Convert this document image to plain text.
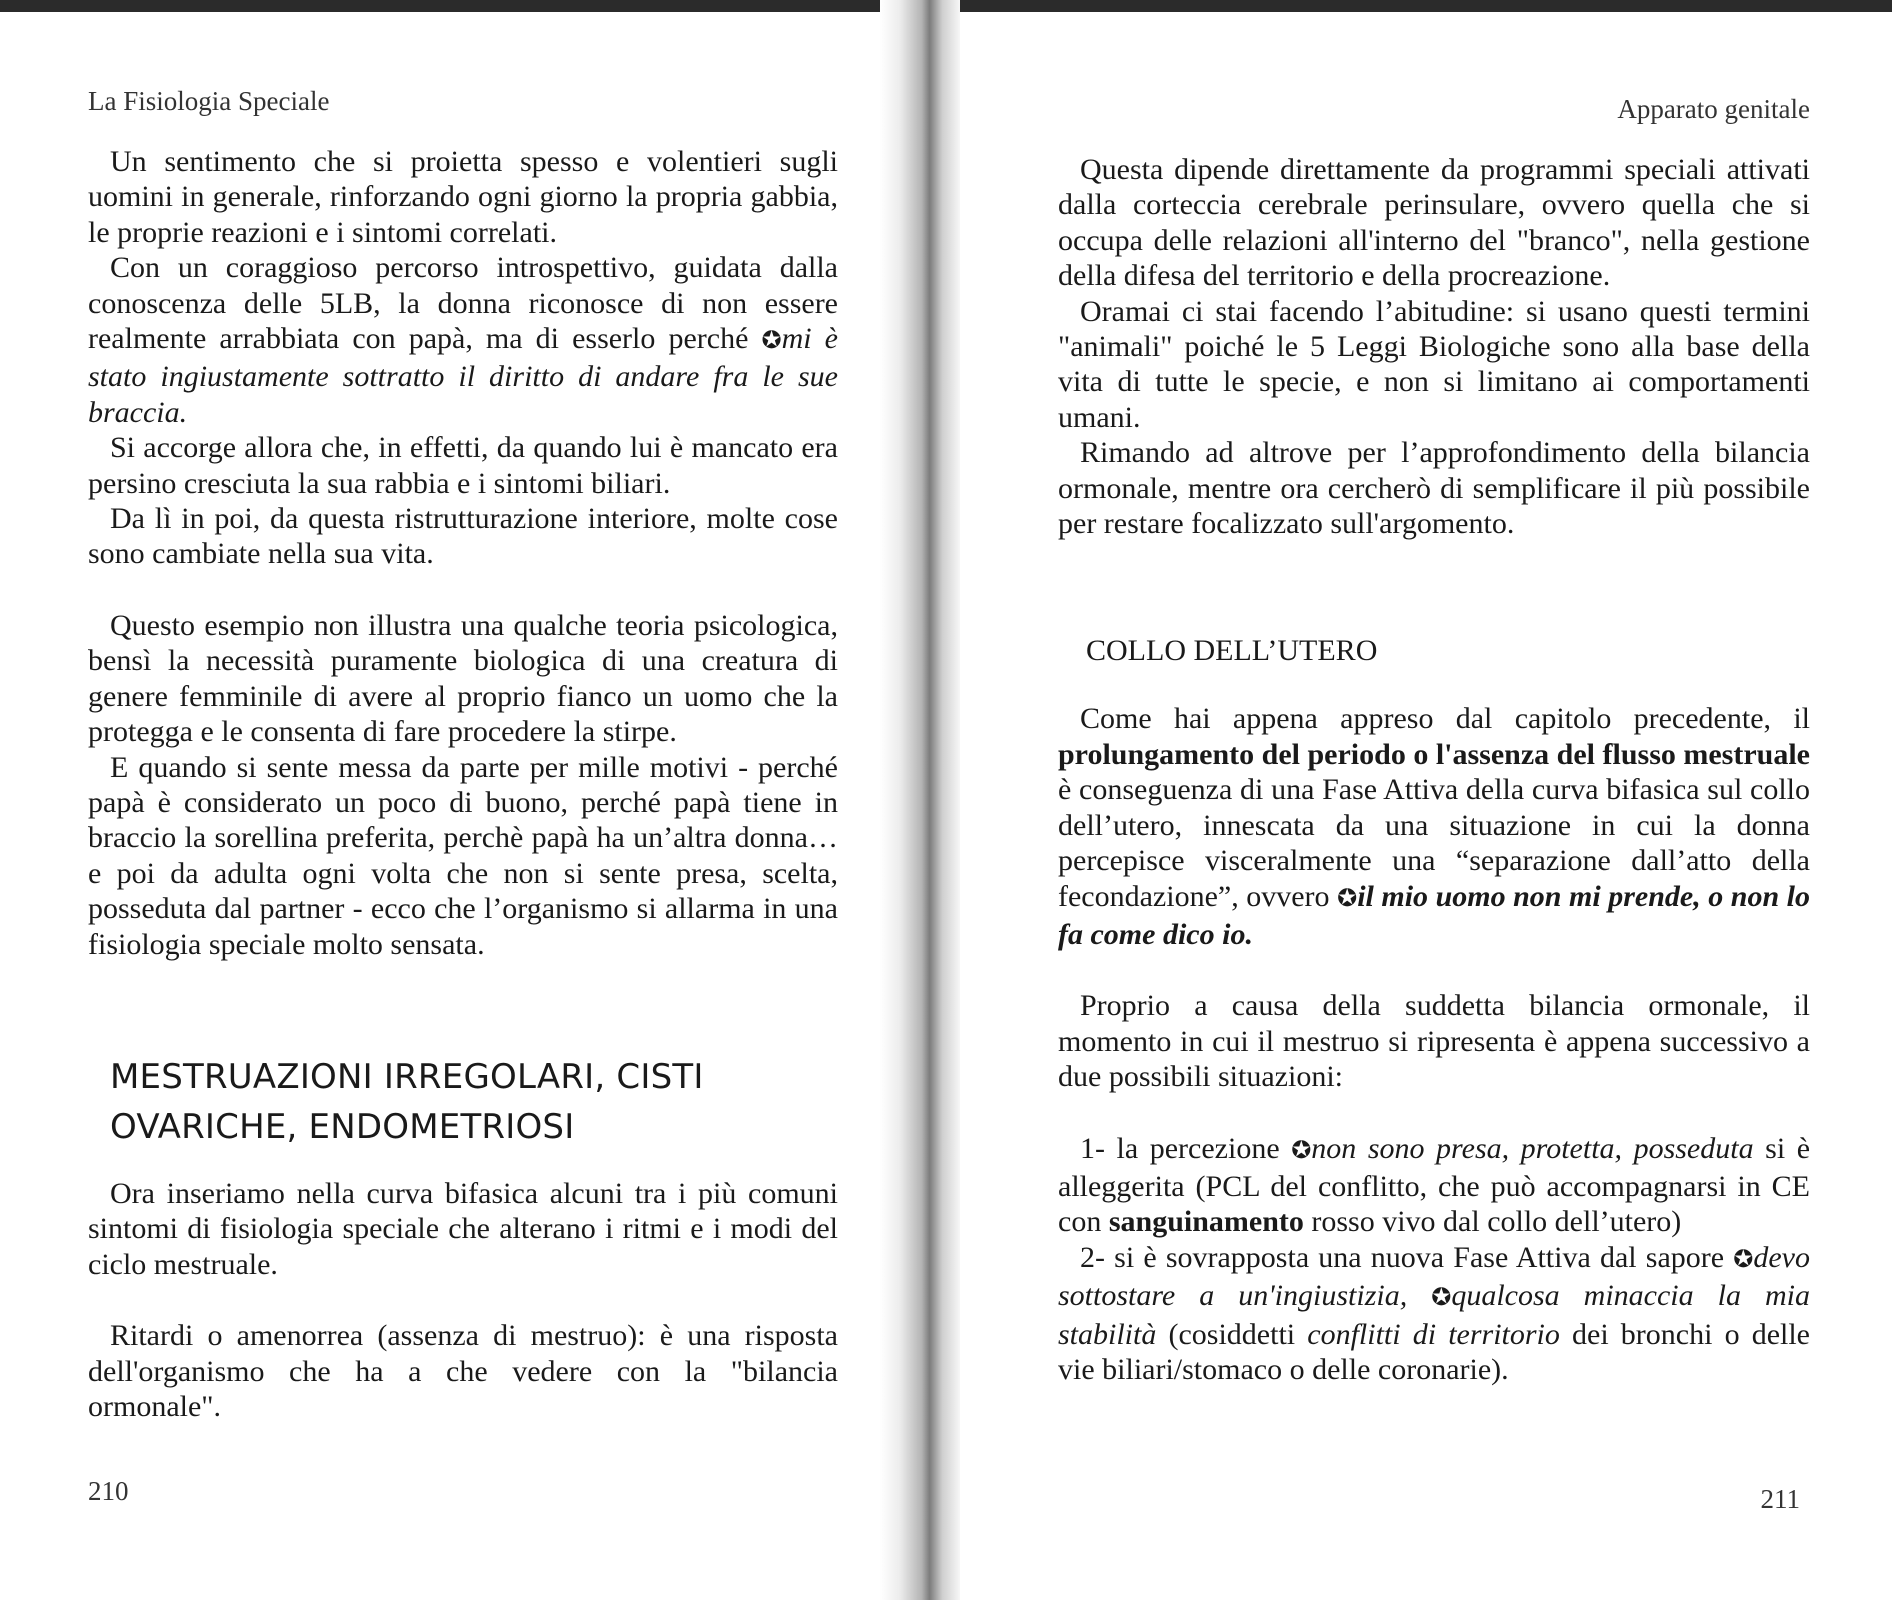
La Fisiologia Speciale

Un sentimento che si proietta spesso e volentieri sugli uomini in generale, rinforzando ogni giorno la propria gabbia, le proprie reazioni e i sintomi correlati.

Con un coraggioso percorso introspettivo, guidata dalla conoscenza delle 5LB, la donna riconosce di non essere realmente arrabbiata con papà, ma di esserlo perché ✪mi è stato ingiustamente sottratto il diritto di andare fra le sue braccia.

Si accorge allora che, in effetti, da quando lui è mancato era persino cresciuta la sua rabbia e i sintomi biliari.

Da lì in poi, da questa ristrutturazione interiore, molte cose sono cambiate nella sua vita.

Questo esempio non illustra una qualche teoria psicologica, bensì la necessità puramente biologica di una creatura di genere femminile di avere al proprio fianco un uomo che la protegga e le consenta di fare procedere la stirpe.

E quando si sente messa da parte per mille motivi - perché papà è considerato un poco di buono, perché papà tiene in braccio la sorellina preferita, perchè papà ha un’altra donna… e poi da adulta ogni volta che non si sente presa, scelta, posseduta dal partner - ecco che l’organismo si allarma in una fisiologia speciale molto sensata.

MESTRUAZIONI IRREGOLARI, CISTI OVARICHE, ENDOMETRIOSI

Ora inseriamo nella curva bifasica alcuni tra i più comuni sintomi di fisiologia speciale che alterano i ritmi e i modi del ciclo mestruale.

Ritardi o amenorrea (assenza di mestruo): è una risposta dell'organismo che ha a che vedere con la "bilancia ormonale".

210
Apparato genitale

Questa dipende direttamente da programmi speciali attivati dalla corteccia cerebrale perinsulare, ovvero quella che si occupa delle relazioni all'interno del "branco", nella gestione della difesa del territorio e della procreazione.

Oramai ci stai facendo l’abitudine: si usano questi termini "animali" poiché le 5 Leggi Biologiche sono alla base della vita di tutte le specie, e non si limitano ai comportamenti umani.

Rimando ad altrove per l’approfondimento della bilancia ormonale, mentre ora cercherò di semplificare il più possibile per restare focalizzato sull'argomento.

COLLO DELL’UTERO

Come hai appena appreso dal capitolo precedente, il prolungamento del periodo o l'assenza del flusso mestruale è conseguenza di una Fase Attiva della curva bifasica sul collo dell’utero, innescata da una situazione in cui la donna percepisce visceralmente una “separazione dall’atto della fecondazione”, ovvero ✪il mio uomo non mi prende, o non lo fa come dico io.

Proprio a causa della suddetta bilancia ormonale, il momento in cui il mestruo si ripresenta è appena successivo a due possibili situazioni:

1- la percezione ✪non sono presa, protetta, posseduta si è alleggerita (PCL del conflitto, che può accompagnarsi in CE con sanguinamento rosso vivo dal collo dell’utero)

2- si è sovrapposta una nuova Fase Attiva dal sapore ✪devo sottostare a un'ingiustizia, ✪qualcosa minaccia la mia stabilità (cosiddetti conflitti di territorio dei bronchi o delle vie biliari/stomaco o delle coronarie).

211
